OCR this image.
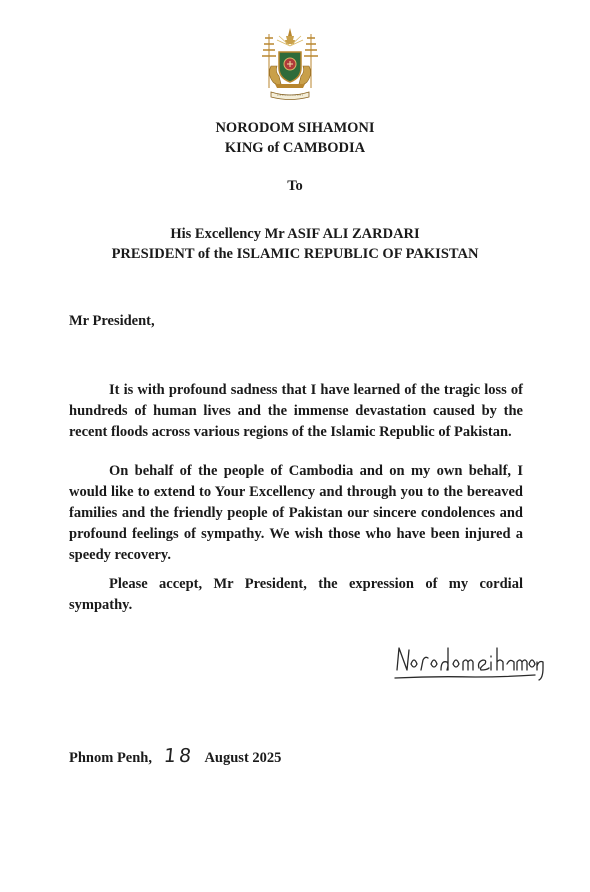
NORODOM SIHAMONI
KING of CAMBODIA
To
His Excellency Mr ASIF ALI ZARDARI
PRESIDENT of the ISLAMIC REPUBLIC OF PAKISTAN
Mr President,

It is with profound sadness that I have learned of the tragic loss of hundreds of human lives and the immense devastation caused by the recent floods across various regions of the Islamic Republic of Pakistan.

On behalf of the people of Cambodia and on my own behalf, I would like to extend to Your Excellency and through you to the bereaved families and the friendly people of Pakistan our sincere condolences and profound feelings of sympathy. We wish those who have been injured a speedy recovery.

Please accept, Mr President, the expression of my cordial sympathy.

Phnom Penh, 18 August 2025
